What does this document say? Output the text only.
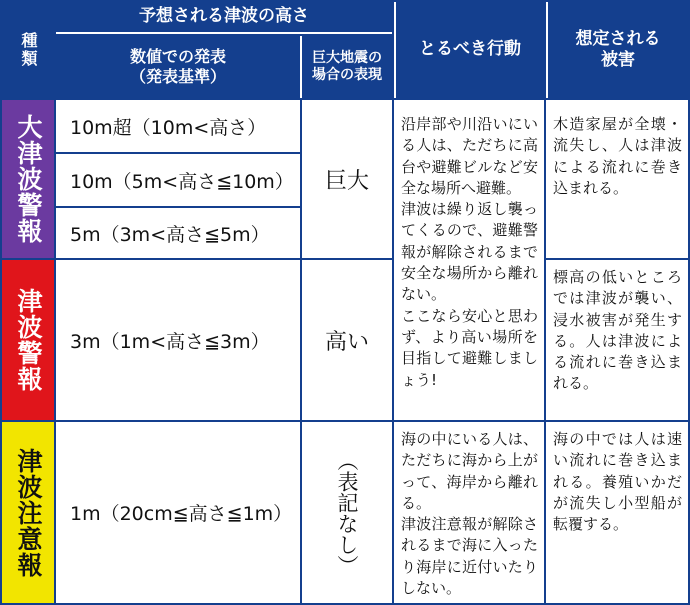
種類
予想される津波の高さ
数値での発表
（発表基準）
巨大地震の
場合の表現
とるべき行動
想定される
被害
大津波警報
津波警報
津波注意報
10m超（10m<高さ）
10m（5m<高さ≦10m）
5m（3m<高さ≦5m）
3m（1m<高さ≦3m）
1m（20cm≦高さ≦1m）
巨大
高い
（表記なし）

沿岸部や川沿いにいる人は、ただちに高台や避難ビルなど安全な場所へ避難。

津波は繰り返し襲ってくるので、避難警報が解除されるまで安全な場所から離れない。

ここなら安心と思わず、より高い場所を目指して避難しましょう!

海の中にいる人は、ただちに海から上がって、海岸から離れる。

津波注意報が解除されるまで海に入ったり海岸に近付いたりしない。

木造家屋が全壊・流失し、人は津波による流れに巻き込まれる。

標高の低いところでは津波が襲い、浸水被害が発生する。人は津波による流れに巻き込まれる。

海の中では人は速い流れに巻き込まれる。養殖いかだが流失し小型船が転覆する。
